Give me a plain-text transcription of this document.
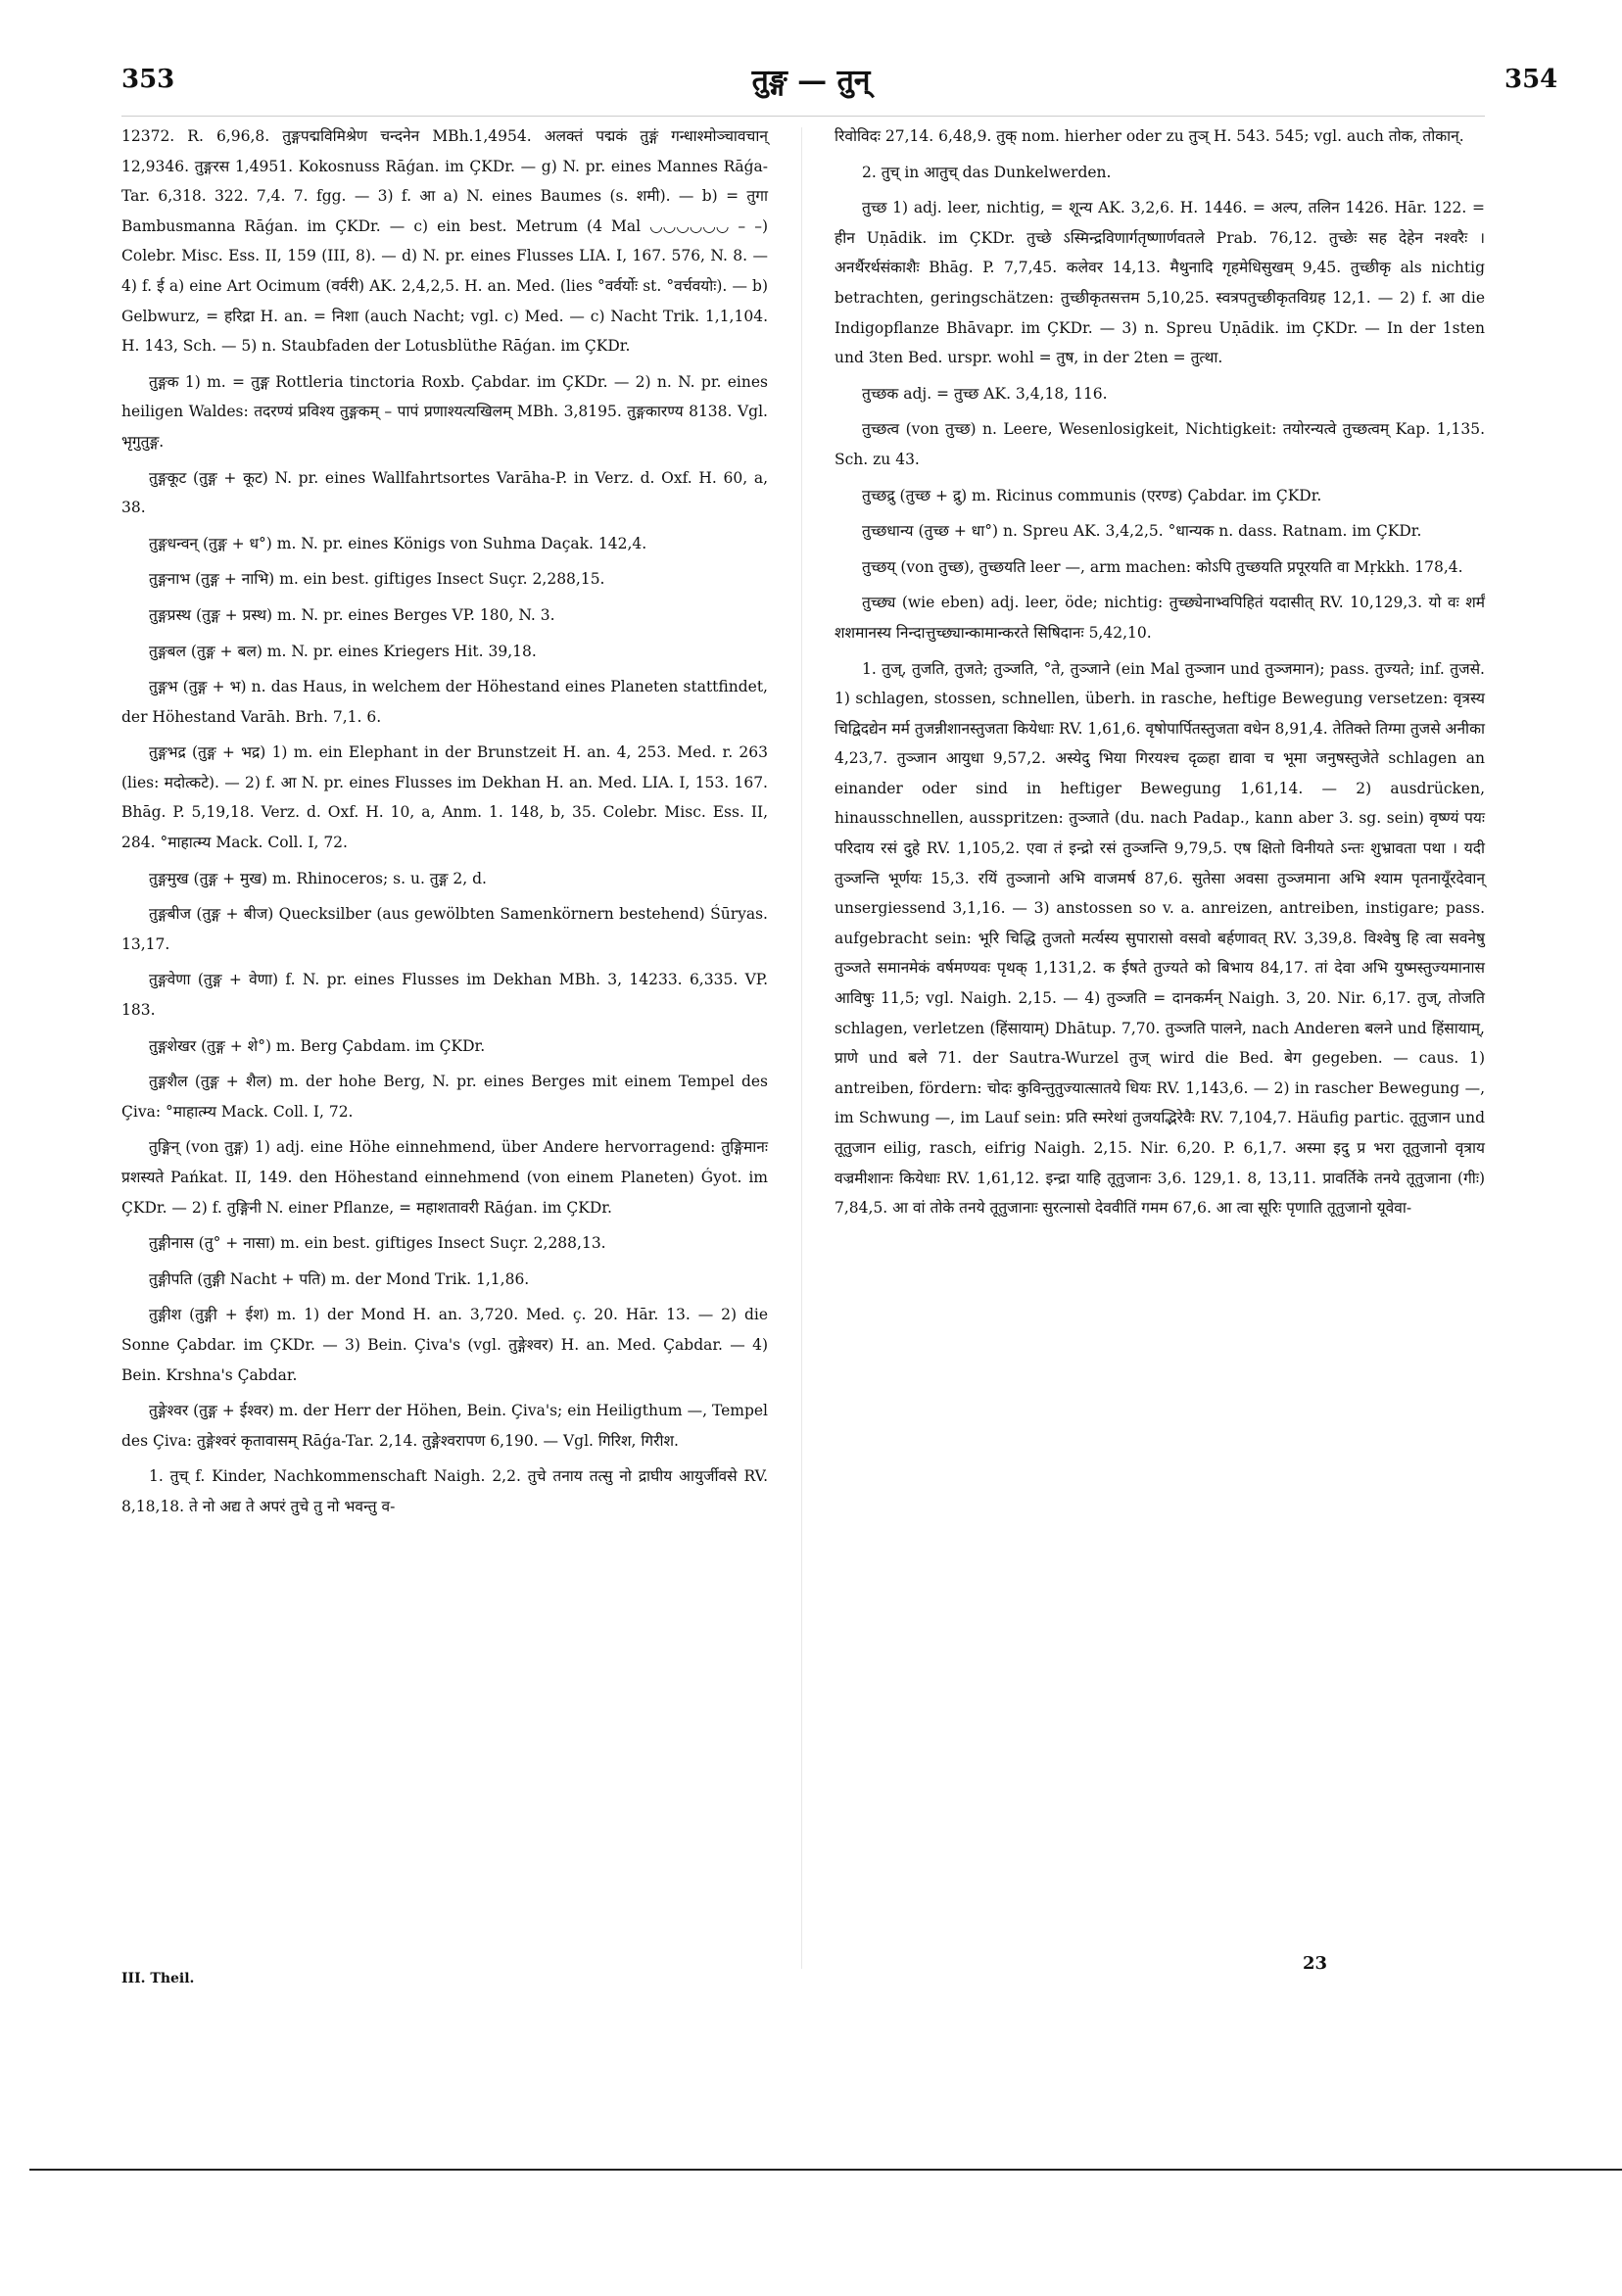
353	तुङ्ग — तुन्	354

12372. R. 6,96,8. तुङ्गपद्मविमिश्रेण चन्दनेन MBh.1,4954. अलक्तं पद्मकं तुङ्गं गन्धाश्मोञ्चावचान् 12,9346. तुङ्गरस 1,4951. Kokosnuss Rāǵan. im ÇKDr. — g) N. pr. eines Mannes Rāǵa-Tar. 6,318. 322. 7,4. 7. fgg. — 3) f. आ a) N. eines Baumes (s. शमी). — b) = तुगा Bambusmanna Rāǵan. im ÇKDr. — c) ein best. Metrum (4 Mal ◡◡◡◡◡◡ – –) Colebr. Misc. Ess. II, 159 (III, 8). — d) N. pr. eines Flusses LIA. I, 167. 576, N. 8. — 4) f. ई a) eine Art Ocimum (वर्वरी) AK. 2,4,2,5. H. an. Med. (lies °वर्वर्योः st. °वर्चवयोः). — b) Gelbwurz, = हरिद्रा H. an. = निशा (auch Nacht; vgl. c) Med. — c) Nacht Trik. 1,1,104. H. 143, Sch. — 5) n. Staubfaden der Lotusblüthe Rāǵan. im ÇKDr.

तुङ्गक 1) m. = तुङ्ग Rottleria tinctoria Roxb. Çabdar. im ÇKDr. — 2) n. N. pr. eines heiligen Waldes: तदरण्यं प्रविश्य तुङ्गकम् – पापं प्रणाश्यत्यखिलम् MBh. 3,8195. तुङ्गकारण्य 8138. Vgl. भृगुतुङ्ग.

तुङ्गकूट (तुङ्ग + कूट) N. pr. eines Wallfahrtsortes Varāha-P. in Verz. d. Oxf. H. 60, a, 38.

तुङ्गधन्वन् (तुङ्ग + ध°) m. N. pr. eines Königs von Suhma Daçak. 142,4.

तुङ्गनाभ (तुङ्ग + नाभि) m. ein best. giftiges Insect Suçr. 2,288,15.

तुङ्गप्रस्थ (तुङ्ग + प्रस्थ) m. N. pr. eines Berges VP. 180, N. 3.

तुङ्गबल (तुङ्ग + बल) m. N. pr. eines Kriegers Hit. 39,18.

तुङ्गभ (तुङ्ग + भ) n. das Haus, in welchem der Höhestand eines Planeten stattfindet, der Höhestand Varāh. Brh. 7,1. 6.

तुङ्गभद्र (तुङ्ग + भद्र) 1) m. ein Elephant in der Brunstzeit H. an. 4, 253. Med. r. 263 (lies: मदोत्कटे). — 2) f. आ N. pr. eines Flusses im Dekhan H. an. Med. LIA. I, 153. 167. Bhāg. P. 5,19,18. Verz. d. Oxf. H. 10, a, Anm. 1. 148, b, 35. Colebr. Misc. Ess. II, 284. °माहात्म्य Mack. Coll. I, 72.

तुङ्गमुख (तुङ्ग + मुख) m. Rhinoceros; s. u. तुङ्ग 2, d.

तुङ्गबीज (तुङ्ग + बीज) Quecksilber (aus gewölbten Samenkörnern bestehend) Śūryas. 13,17.

तुङ्गवेणा (तुङ्ग + वेणा) f. N. pr. eines Flusses im Dekhan MBh. 3, 14233. 6,335. VP. 183.

तुङ्गशेखर (तुङ्ग + शे°) m. Berg Çabdam. im ÇKDr.

तुङ्गशैल (तुङ्ग + शैल) m. der hohe Berg, N. pr. eines Berges mit einem Tempel des Çiva: °माहात्म्य Mack. Coll. I, 72.

तुङ्गिन् (von तुङ्ग) 1) adj. eine Höhe einnehmend, über Andere hervorragend: तुङ्गिमानः प्रशस्यते Pańkat. II, 149. den Höhestand einnehmend (von einem Planeten) Ǵyot. im ÇKDr. — 2) f. तुङ्गिनी N. einer Pflanze, = महाशतावरी Rāǵan. im ÇKDr.

तुङ्गीनास (तु° + नासा) m. ein best. giftiges Insect Suçr. 2,288,13.

तुङ्गीपति (तुङ्गी Nacht + पति) m. der Mond Trik. 1,1,86.

तुङ्गीश (तुङ्गी + ईश) m. 1) der Mond H. an. 3,720. Med. ç. 20. Hār. 13. — 2) die Sonne Çabdar. im ÇKDr. — 3) Bein. Çiva's (vgl. तुङ्गेश्वर) H. an. Med. Çabdar. — 4) Bein. Krshna's Çabdar.

तुङ्गेश्वर (तुङ्ग + ईश्वर) m. der Herr der Höhen, Bein. Çiva's; ein Heiligthum —, Tempel des Çiva: तुङ्गेश्वरं कृतावासम् Rāǵa-Tar. 2,14. तुङ्गेश्वरापण 6,190. — Vgl. गिरिश, गिरीश.

1. तुच् f. Kinder, Nachkommenschaft Naigh. 2,2. तुचे तनाय तत्सु नो द्राघीय आयुर्जीवसे RV. 8,18,18. ते नो अद्य ते अपरं तुचे तु नो भवन्तु व-

रिवोविदः 27,14. 6,48,9. तुक् nom. hierher oder zu तुञ् H. 543. 545; vgl. auch तोक, तोकान्.

2. तुच् in आतुच् das Dunkelwerden.

तुच्छ 1) adj. leer, nichtig, = शून्य AK. 3,2,6. H. 1446. = अल्प, तलिन 1426. Hār. 122. = हीन Uṇādik. im ÇKDr. तुच्छे ऽस्मिन्द्रविणार्गतृष्णार्णवतले Prab. 76,12. तुच्छेः सह देहेन नश्वरैः । अनर्थैरर्थसंकाशैः Bhāg. P. 7,7,45. कलेवर 14,13. मैथुनादि गृहमेधिसुखम् 9,45. तुच्छीकृ als nichtig betrachten, geringschätzen: तुच्छीकृतसत्तम 5,10,25. स्वत्रपतुच्छीकृतविग्रह 12,1. — 2) f. आ die Indigopflanze Bhāvapr. im ÇKDr. — 3) n. Spreu Uṇādik. im ÇKDr. — In der 1sten und 3ten Bed. urspr. wohl = तुष, in der 2ten = तुत्था.

तुच्छक adj. = तुच्छ AK. 3,4,18, 116.

तुच्छत्व (von तुच्छ) n. Leere, Wesenlosigkeit, Nichtigkeit: तयोरन्यत्वे तुच्छत्वम् Kap. 1,135. Sch. zu 43.

तुच्छद्रु (तुच्छ + द्रु) m. Ricinus communis (एरण्ड) Çabdar. im ÇKDr.

तुच्छधान्य (तुच्छ + धा°) n. Spreu AK. 3,4,2,5. °धान्यक n. dass. Ratnam. im ÇKDr.

तुच्छय् (von तुच्छ), तुच्छयति leer —, arm machen: कोऽपि तुच्छयति प्रपूरयति वा Mṛkkh. 178,4.

तुच्छ्य (wie eben) adj. leer, öde; nichtig: तुच्छ्येनाभ्वपिहितं यदासीत् RV. 10,129,3. यो वः शर्मं शशमानस्य निन्दात्तुच्छ्यान्कामान्करते सिषिदानः 5,42,10.

1. तुज्, तुजति, तुजते; तुञ्जति, °ते, तुञ्जाने (ein Mal तुञ्जान und तुञ्जमान); pass. तुज्यते; inf. तुजसे. 1) schlagen, stossen, schnellen, überh. in rasche, heftige Bewegung versetzen: वृत्रस्य चिद्विदद्येन मर्म तुजन्नीशानस्तुजता कियेधाः RV. 1,61,6. वृषोपार्पितस्तुजता वधेन 8,91,4. तेतिक्ते तिग्मा तुजसे अनीका 4,23,7. तुञ्जान आयुधा 9,57,2. अस्येदु भिया गिरयश्च दृळ्हा द्यावा च भूमा जनुषस्तुजेते schlagen an einander oder sind in heftiger Bewegung 1,61,14. — 2) ausdrücken, hinausschnellen, ausspritzen: तुञ्जाते (du. nach Padap., kann aber 3. sg. sein) वृष्ण्यं पयः परिदाय रसं दुहे RV. 1,105,2. एवा तं इन्द्रो रसं तुञ्जन्ति 9,79,5. एष क्षितो विनीयते ऽन्तः शुभ्रावता पथा । यदी तुञ्जन्ति भूर्णयः 15,3. रयिं तुञ्जानो अभि वाजमर्ष 87,6. सुतेसा अवसा तुञ्जमाना अभि श्याम पृतनायूँरदेवान् unsergiessend 3,1,16. — 3) anstossen so v. a. anreizen, antreiben, instigare; pass. aufgebracht sein: भूरि चिद्धि तुजतो मर्त्यस्य सुपारासो वसवो बर्हणावत् RV. 3,39,8. विश्वेषु हि त्वा सवनेषु तुञ्जते समानमेकं वर्षमण्यवः पृथक् 1,131,2. क ईषते तुज्यते को बिभाय 84,17. तां देवा अभि युष्मस्तुज्यमानास आविषुः 11,5; vgl. Naigh. 2,15. — 4) तुञ्जति = दानकर्मन् Naigh. 3, 20. Nir. 6,17. तुज्, तोजति schlagen, verletzen (हिंसायाम्) Dhātup. 7,70. तुञ्जति पालने, nach Anderen बलने und हिंसायाम्, प्राणे und बले 71. der Sautra-Wurzel तुज् wird die Bed. बेग gegeben. — caus. 1) antreiben, fördern: चोदः कुविन्तुतुज्यात्सातये धियः RV. 1,143,6. — 2) in rascher Bewegung —, im Schwung —, im Lauf sein: प्रति स्मरेथां तुजयद्भिरेवैः RV. 7,104,7. Häufig partic. तूतुजान und तूतुजान eilig, rasch, eifrig Naigh. 2,15. Nir. 6,20. P. 6,1,7. अस्मा इदु प्र भरा तूतुजानो वृत्राय वज्रमीशानः कियेधाः RV. 1,61,12. इन्द्रा याहि तूतुजानः 3,6. 129,1. 8, 13,11. प्रावर्तिके तनये तूतुजाना (गीः) 7,84,5. आ वां तोके तनये तूतुजानाः सुरत्नासो देववीतिं गमम 67,6. आ त्वा सूरिः पृणाति तूतुजानो यूवेवा-

III. Theil.
23
